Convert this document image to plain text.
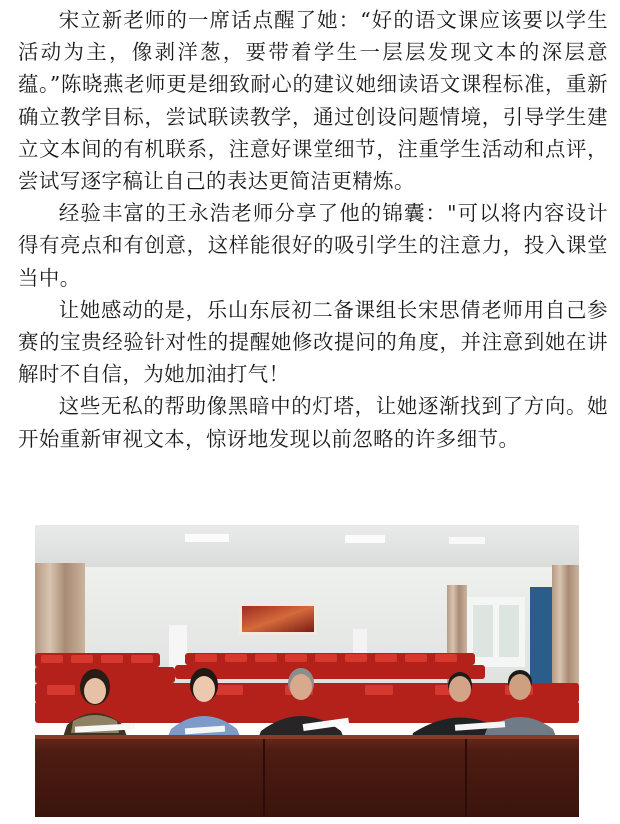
宋立新老师的一席话点醒了她：“好的语文课应该要以学生活动为主，像剥洋葱，要带着学生一层层发现文本的深层意蕴。”陈晓燕老师更是细致耐心的建议她细读语文课程标准，重新确立教学目标，尝试联读教学，通过创设问题情境，引导学生建立文本间的有机联系，注意好课堂细节，注重学生活动和点评，尝试写逐字稿让自己的表达更简洁更精炼。

经验丰富的王永浩老师分享了他的锦囊："可以将内容设计得有亮点和有创意，这样能很好的吸引学生的注意力，投入课堂当中。

让她感动的是，乐山东辰初二备课组长宋思倩老师用自己参赛的宝贵经验针对性的提醒她修改提问的角度，并注意到她在讲解时不自信，为她加油打气！

这些无私的帮助像黑暗中的灯塔，让她逐渐找到了方向。她开始重新审视文本，惊讶地发现以前忽略的许多细节。
